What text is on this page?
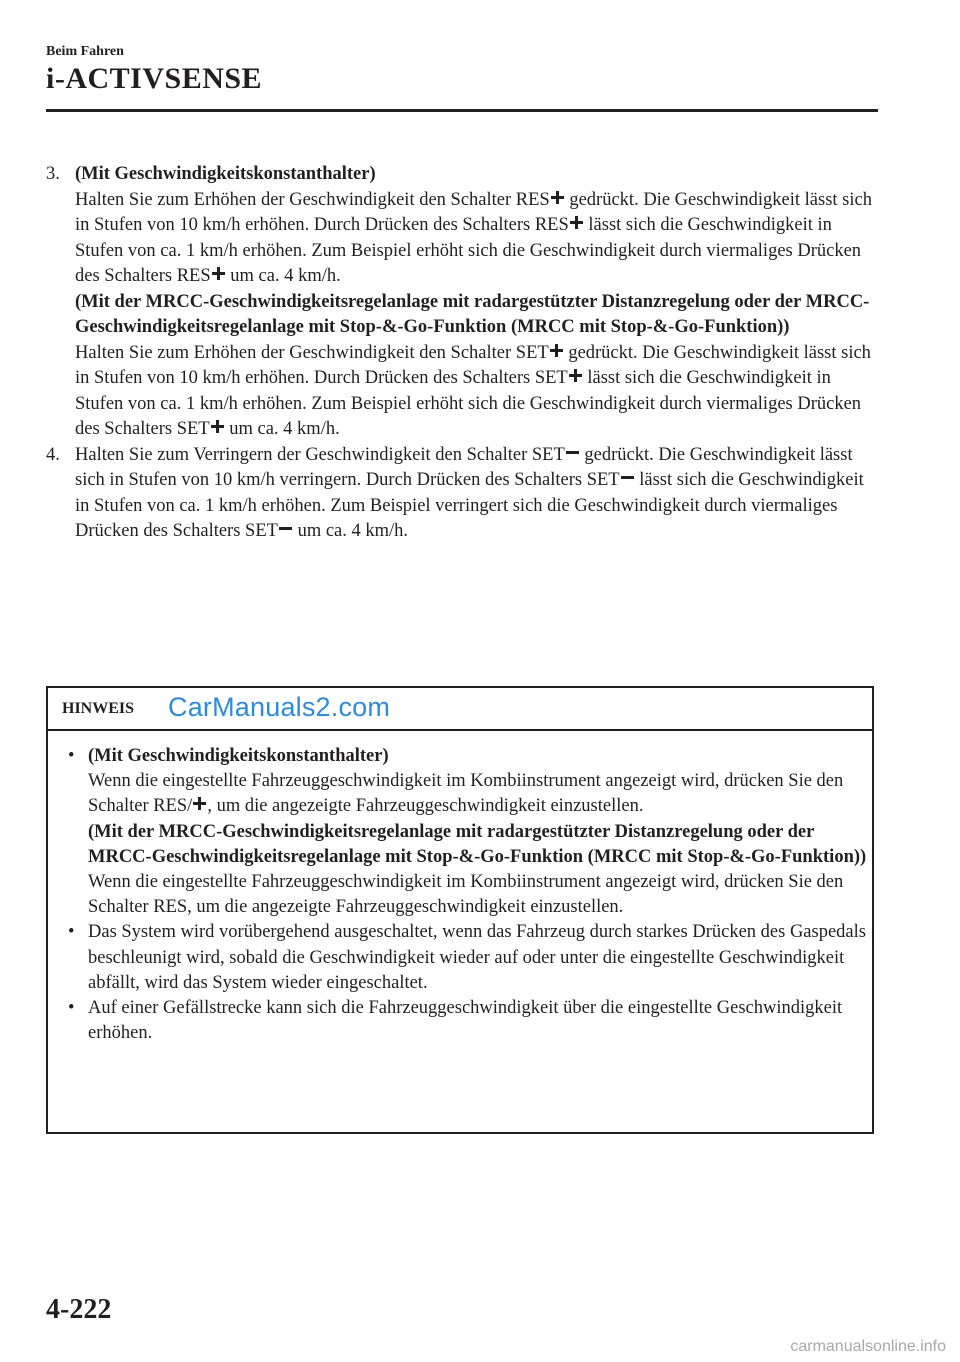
Beim Fahren
i-ACTIVSENSE
3. (Mit Geschwindigkeitskonstanthalter)

Halten Sie zum Erhöhen der Geschwindigkeit den Schalter RES gedrückt. Die Geschwindigkeit lässt sich in Stufen von 10 km/h erhöhen. Durch Drücken des Schalters RES lässt sich die Geschwindigkeit in Stufen von ca. 1 km/h erhöhen. Zum Beispiel erhöht sich die Geschwindigkeit durch viermaliges Drücken des Schalters RES um ca. 4 km/h.

(Mit der MRCC-Geschwindigkeitsregelanlage mit radargestützter Distanzregelung oder der MRCC-Geschwindigkeitsregelanlage mit Stop-&-Go-Funktion (MRCC mit Stop-&-Go-Funktion))

Halten Sie zum Erhöhen der Geschwindigkeit den Schalter SET gedrückt. Die Geschwindigkeit lässt sich in Stufen von 10 km/h erhöhen. Durch Drücken des Schalters SET lässt sich die Geschwindigkeit in Stufen von ca. 1 km/h erhöhen. Zum Beispiel erhöht sich die Geschwindigkeit durch viermaliges Drücken des Schalters SET um ca. 4 km/h.

4. Halten Sie zum Verringern der Geschwindigkeit den Schalter SET gedrückt. Die Geschwindigkeit lässt sich in Stufen von 10 km/h verringern. Durch Drücken des Schalters SET lässt sich die Geschwindigkeit in Stufen von ca. 1 km/h erhöhen. Zum Beispiel verringert sich die Geschwindigkeit durch viermaliges Drücken des Schalters SET um ca. 4 km/h.

HINWEIS CarManuals2.com
• (Mit Geschwindigkeitskonstanthalter)

Wenn die eingestellte Fahrzeuggeschwindigkeit im Kombiinstrument angezeigt wird, drücken Sie den Schalter RES/ , um die angezeigte Fahrzeuggeschwindigkeit einzustellen.

(Mit der MRCC-Geschwindigkeitsregelanlage mit radargestützter Distanzregelung oder der MRCC-Geschwindigkeitsregelanlage mit Stop-&-Go-Funktion (MRCC mit Stop-&-Go-Funktion))

Wenn die eingestellte Fahrzeuggeschwindigkeit im Kombiinstrument angezeigt wird, drücken Sie den Schalter RES, um die angezeigte Fahrzeuggeschwindigkeit einzustellen.

• Das System wird vorübergehend ausgeschaltet, wenn das Fahrzeug durch starkes Drücken des Gaspedals beschleunigt wird, sobald die Geschwindigkeit wieder auf oder unter die eingestellte Geschwindigkeit abfällt, wird das System wieder eingeschaltet.

• Auf einer Gefällstrecke kann sich die Fahrzeuggeschwindigkeit über die eingestellte Geschwindigkeit erhöhen.

4-222
carmanualsonline.info
